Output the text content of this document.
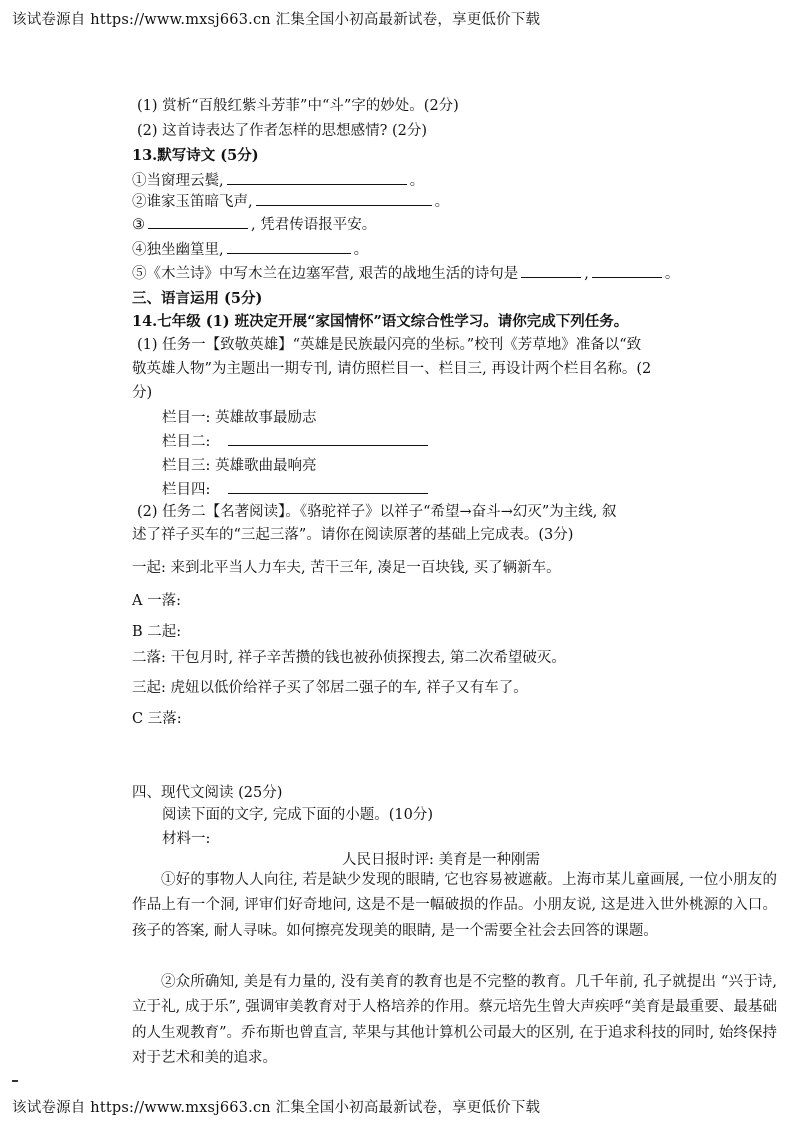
该试卷源自 https://www.mxsj663.cn 汇集全国小初高最新试卷，享更低价下载
(1) 赏析“百般红紫斗芳菲”中“斗”字的妙处。(2分)
(2) 这首诗表达了作者怎样的思想感情? (2分)
13.默写诗文 (5分)
①当窗理云鬓,	。
②谁家玉笛暗飞声,	。
③	, 凭君传语报平安。
④独坐幽篁里,	。
⑤《木兰诗》中写木兰在边塞军营, 艰苦的战地生活的诗句是	,	。
三、语言运用 (5分)
14.七年级 (1) 班决定开展“家国情怀”语文综合性学习。请你完成下列任务。
(1) 任务一【致敬英雄】“英雄是民族最闪亮的坐标。”校刊《芳草地》准备以“致
敬英雄人物”为主题出一期专刊, 请仿照栏目一、栏目三, 再设计两个栏目名称。(2
分)
栏目一: 英雄故事最励志
栏目二:
栏目三: 英雄歌曲最响亮
栏目四:
(2) 任务二【名著阅读】。《骆驼祥子》以祥子“希望→奋斗→幻灭”为主线, 叙
述了祥子买车的“三起三落”。请你在阅读原著的基础上完成表。(3分)
一起: 来到北平当人力车夫, 苦干三年, 凑足一百块钱, 买了辆新车。
A 一落:
B 二起:
二落: 干包月时, 祥子辛苦攒的钱也被孙侦探搜去, 第二次希望破灭。
三起: 虎妞以低价给祥子买了邻居二强子的车, 祥子又有车了。
C 三落:
四、现代文阅读 (25分)
阅读下面的文字, 完成下面的小题。(10分)
材料一:
人民日报时评: 美育是一种刚需
①好的事物人人向往, 若是缺少发现的眼睛, 它也容易被遮蔽。上海市某儿童画展, 一位小朋友的作品上有一个洞, 评审们好奇地问, 这是不是一幅破损的作品。小朋友说, 这是进入世外桃源的入口。孩子的答案, 耐人寻味。如何擦亮发现美的眼睛, 是一个需要全社会去回答的课题。
②众所确知, 美是有力量的, 没有美育的教育也是不完整的教育。几千年前, 孔子就提出 “兴于诗, 立于礼, 成于乐”, 强调审美教育对于人格培养的作用。蔡元培先生曾大声疾呼“美育是最重要、最基础的人生观教育”。乔布斯也曾直言, 苹果与其他计算机公司最大的区别, 在于追求科技的同时, 始终保持对于艺术和美的追求。
该试卷源自 https://www.mxsj663.cn 汇集全国小初高最新试卷，享更低价下载
